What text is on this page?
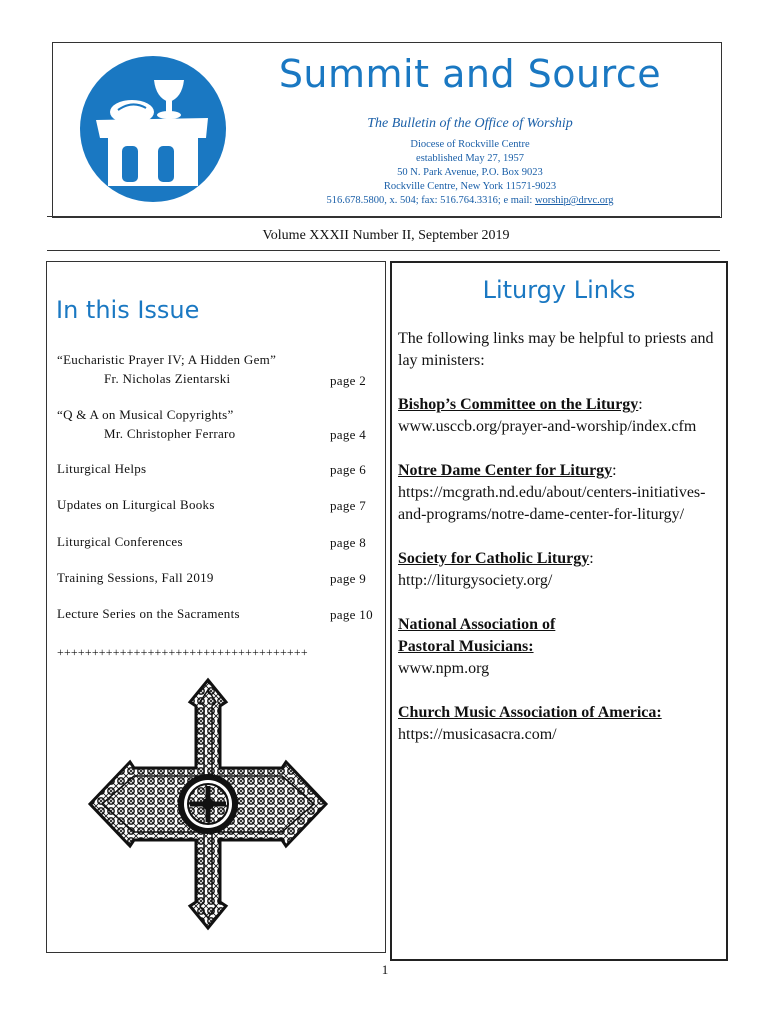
Summit and Source
The Bulletin of the Office of Worship
Diocese of Rockville Centre
established May 27, 1957
50 N. Park Avenue, P.O. Box 9023
Rockville Centre, New York 11571-9023
516.678.5800, x. 504; fax: 516.764.3316; e mail: worship@drvc.org
Volume XXXII Number II, September 2019
In this Issue
“Eucharistic Prayer IV; A Hidden Gem”
Fr. Nicholas Zientarski	page 2
“Q & A on Musical Copyrights”
Mr. Christopher Ferraro	page 4
Liturgical Helps	page 6
Updates on Liturgical Books	page 7
Liturgical Conferences	page 8
Training Sessions, Fall 2019	page 9
Lecture Series on the Sacraments	page 10
++++++++++++++++++++++++++++++++++++
Liturgy Links

The following links may be helpful to priests and lay ministers:

Bishop’s Committee on the Liturgy:
www.usccb.org/prayer-and-worship/index.cfm

Notre Dame Center for Liturgy:
https://mcgrath.nd.edu/about/centers-initiatives-and-programs/notre-dame-center-for-liturgy/

Society for Catholic Liturgy:
http://liturgysociety.org/

National Association of Pastoral Musicians:
www.npm.org

Church Music Association of America:
https://musicasacra.com/

1
